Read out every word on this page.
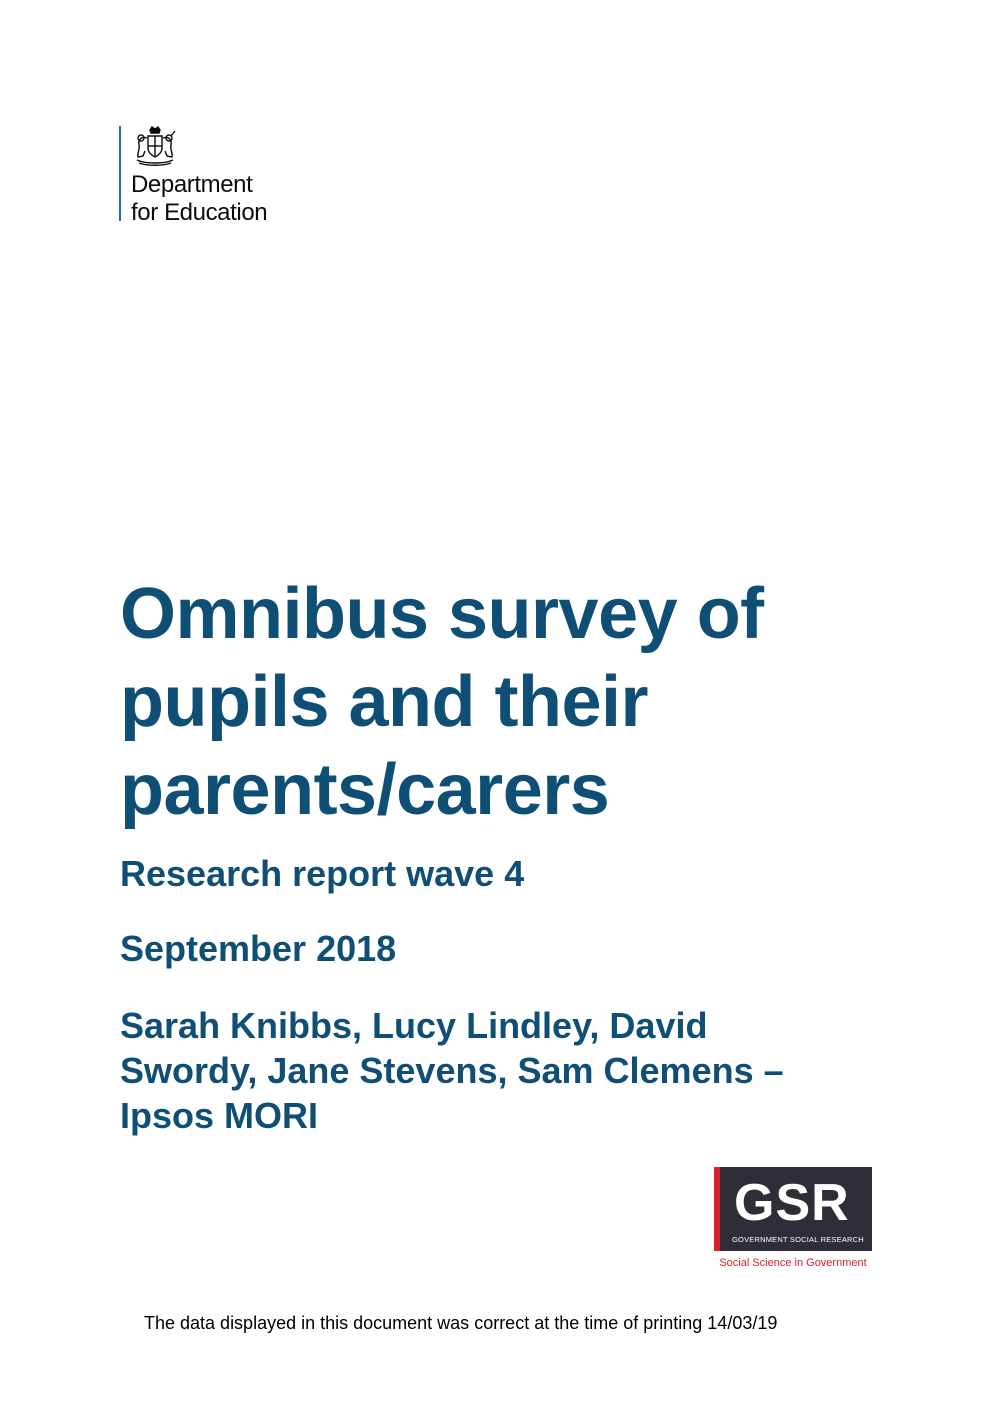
Department
for Education
Omnibus survey of
pupils and their
parents/carers
Research report wave 4
September 2018
Sarah Knibbs, Lucy Lindley, David
Swordy, Jane Stevens, Sam Clemens –
Ipsos MORI
GSR
GOVERNMENT SOCIAL RESEARCH
Social Science in Government

The data displayed in this document was correct at the time of printing 14/03/19
